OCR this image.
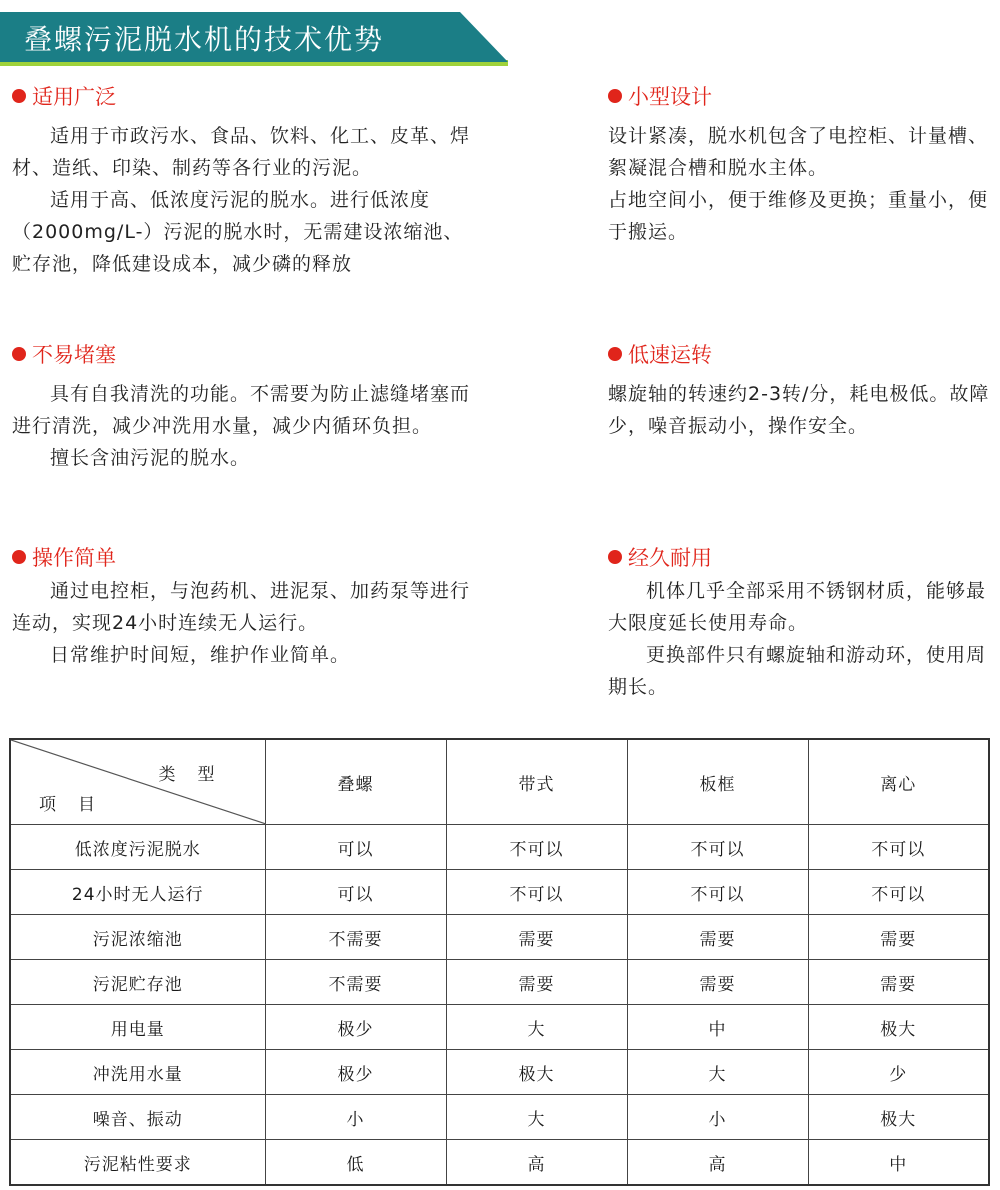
叠螺污泥脱水机的技术优势
适用广泛
适用于市政污水、食品、饮料、化工、皮革、焊材、造纸、印染、制药等各行业的污泥。
适用于高、低浓度污泥的脱水。进行低浓度（2000mg/L-）污泥的脱水时，无需建设浓缩池、贮存池，降低建设成本，减少磷的释放
不易堵塞
具有自我清洗的功能。不需要为防止滤缝堵塞而进行清洗，减少冲洗用水量，减少内循环负担。
擅长含油污泥的脱水。
操作简单
通过电控柜，与泡药机、进泥泵、加药泵等进行连动，实现24小时连续无人运行。
日常维护时间短，维护作业简单。
小型设计
设计紧凑，脱水机包含了电控柜、计量槽、絮凝混合槽和脱水主体。
占地空间小，便于维修及更换；重量小，便于搬运。
低速运转
螺旋轴的转速约2-3转/分，耗电极低。故障少，噪音振动小，操作安全。
经久耐用
机体几乎全部采用不锈钢材质，能够最大限度延长使用寿命。
更换部件只有螺旋轴和游动环，使用周期长。
类型
项目	叠螺	带式	板框	离心
低浓度污泥脱水	可以	不可以	不可以	不可以
24小时无人运行	可以	不可以	不可以	不可以
污泥浓缩池	不需要	需要	需要	需要
污泥贮存池	不需要	需要	需要	需要
用电量	极少	大	中	极大
冲洗用水量	极少	极大	大	少
噪音、振动	小	大	小	极大
污泥粘性要求	低	高	高	中
